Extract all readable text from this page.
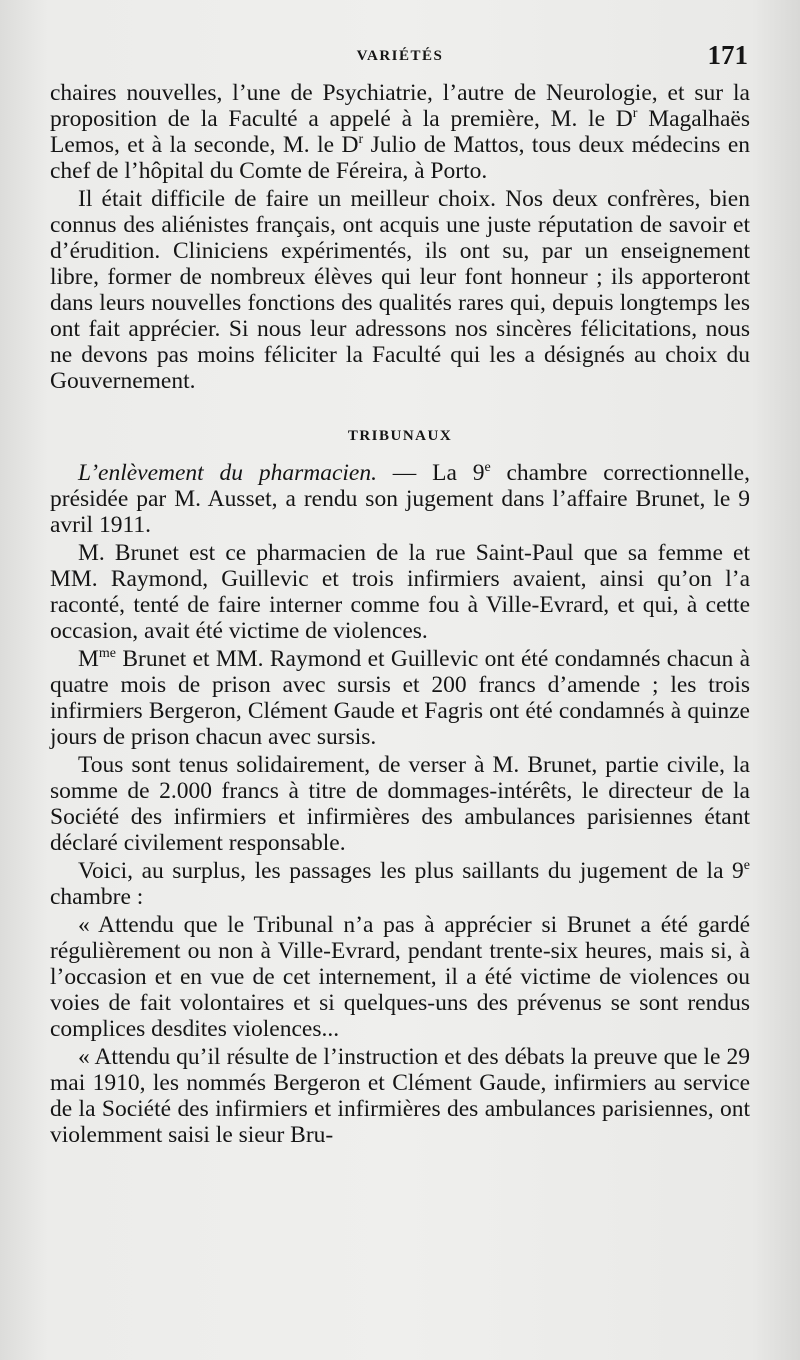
VARIÉTÉS	171

chaires nouvelles, l’une de Psychiatrie, l’autre de Neurologie, et sur la proposition de la Faculté a appelé à la première, M. le $D^r$ Magalhaës Lemos, et à la seconde, M. le $D^r$ Julio de Mattos, tous deux médecins en chef de l’hôpital du Comte de Féreira, à Porto.

Il était difficile de faire un meilleur choix. Nos deux confrères, bien connus des aliénistes français, ont acquis une juste réputation de savoir et d’érudition. Cliniciens expérimentés, ils ont su, par un enseignement libre, former de nombreux élèves qui leur font honneur ; ils apporteront dans leurs nouvelles fonctions des qualités rares qui, depuis longtemps les ont fait apprécier. Si nous leur adressons nos sincères félicitations, nous ne devons pas moins féliciter la Faculté qui les a désignés au choix du Gouvernement.

TRIBUNAUX

L’enlèvement du pharmacien. — La 9e chambre correctionnelle, présidée par M. Ausset, a rendu son jugement dans l’affaire Brunet, le 9 avril 1911.

M. Brunet est ce pharmacien de la rue Saint-Paul que sa femme et MM. Raymond, Guillevic et trois infirmiers avaient, ainsi qu’on l’a raconté, tenté de faire interner comme fou à Ville-Evrard, et qui, à cette occasion, avait été victime de violences.

$M^{me}$ Brunet et MM. Raymond et Guillevic ont été condamnés chacun à quatre mois de prison avec sursis et 200 francs d’amende ; les trois infirmiers Bergeron, Clément Gaude et Fagris ont été condamnés à quinze jours de prison chacun avec sursis.

Tous sont tenus solidairement, de verser à M. Brunet, partie civile, la somme de 2.000 francs à titre de dommages-intérêts, le directeur de la Société des infirmiers et infirmières des ambulances parisiennes étant déclaré civilement responsable.

Voici, au surplus, les passages les plus saillants du jugement de la 9e chambre :

« Attendu que le Tribunal n’a pas à apprécier si Brunet a été gardé régulièrement ou non à Ville-Evrard, pendant trente-six heures, mais si, à l’occasion et en vue de cet internement, il a été victime de violences ou voies de fait volontaires et si quelques-uns des prévenus se sont rendus complices desdites violences...

« Attendu qu’il résulte de l’instruction et des débats la preuve que le 29 mai 1910, les nommés Bergeron et Clément Gaude, infirmiers au service de la Société des infirmiers et infirmières des ambulances parisiennes, ont violemment saisi le sieur Bru-
